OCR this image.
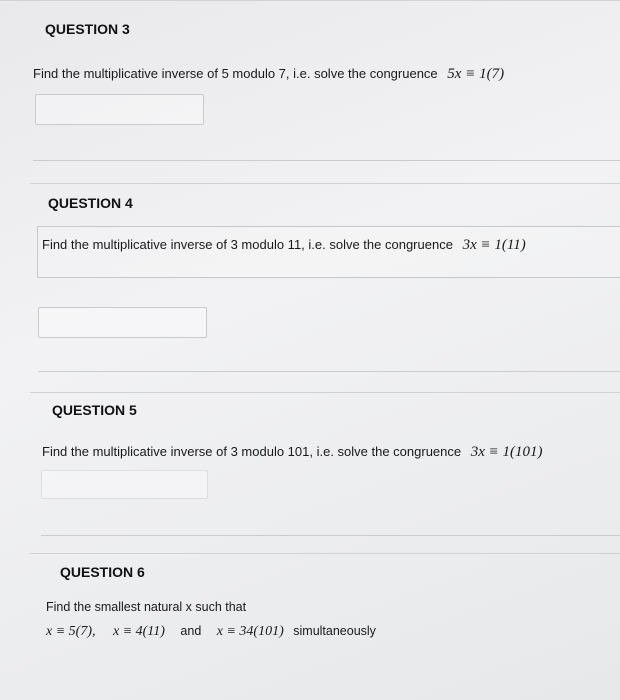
QUESTION 3
Find the multiplicative inverse of 5 modulo 7, i.e. solve the congruence 5x ≡ 1(7)
QUESTION 4
Find the multiplicative inverse of 3 modulo 11, i.e. solve the congruence 3x ≡ 1(11)
QUESTION 5
Find the multiplicative inverse of 3 modulo 101, i.e. solve the congruence 3x ≡ 1(101)
QUESTION 6
Find the smallest natural x such that
x ≡ 5(7), x ≡ 4(11) and x ≡ 34(101) simultaneously
